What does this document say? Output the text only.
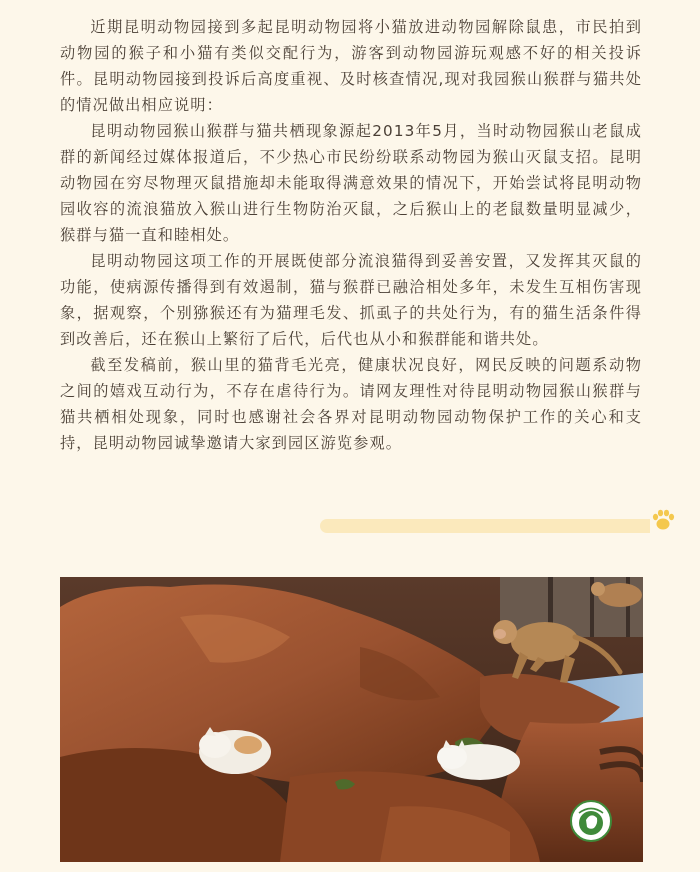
近期昆明动物园接到多起昆明动物园将小猫放进动物园解除鼠患，市民拍到动物园的猴子和小猫有类似交配行为，游客到动物园游玩观感不好的相关投诉件。昆明动物园接到投诉后高度重视、及时核查情况,现对我园猴山猴群与猫共处的情况做出相应说明：

昆明动物园猴山猴群与猫共栖现象源起2013年5月，当时动物园猴山老鼠成群的新闻经过媒体报道后，不少热心市民纷纷联系动物园为猴山灭鼠支招。昆明动物园在穷尽物理灭鼠措施却未能取得满意效果的情况下，开始尝试将昆明动物园收容的流浪猫放入猴山进行生物防治灭鼠，之后猴山上的老鼠数量明显减少，猴群与猫一直和睦相处。

昆明动物园这项工作的开展既使部分流浪猫得到妥善安置，又发挥其灭鼠的功能，使病源传播得到有效遏制，猫与猴群已融洽相处多年，未发生互相伤害现象，据观察，个别猕猴还有为猫理毛发、抓虱子的共处行为，有的猫生活条件得到改善后，还在猴山上繁衍了后代，后代也从小和猴群能和谐共处。

截至发稿前，猴山里的猫背毛光亮，健康状况良好，网民反映的问题系动物之间的嬉戏互动行为，不存在虐待行为。请网友理性对待昆明动物园猴山猴群与猫共栖相处现象，同时也感谢社会各界对昆明动物园动物保护工作的关心和支持，昆明动物园诚挚邀请大家到园区游览参观。
